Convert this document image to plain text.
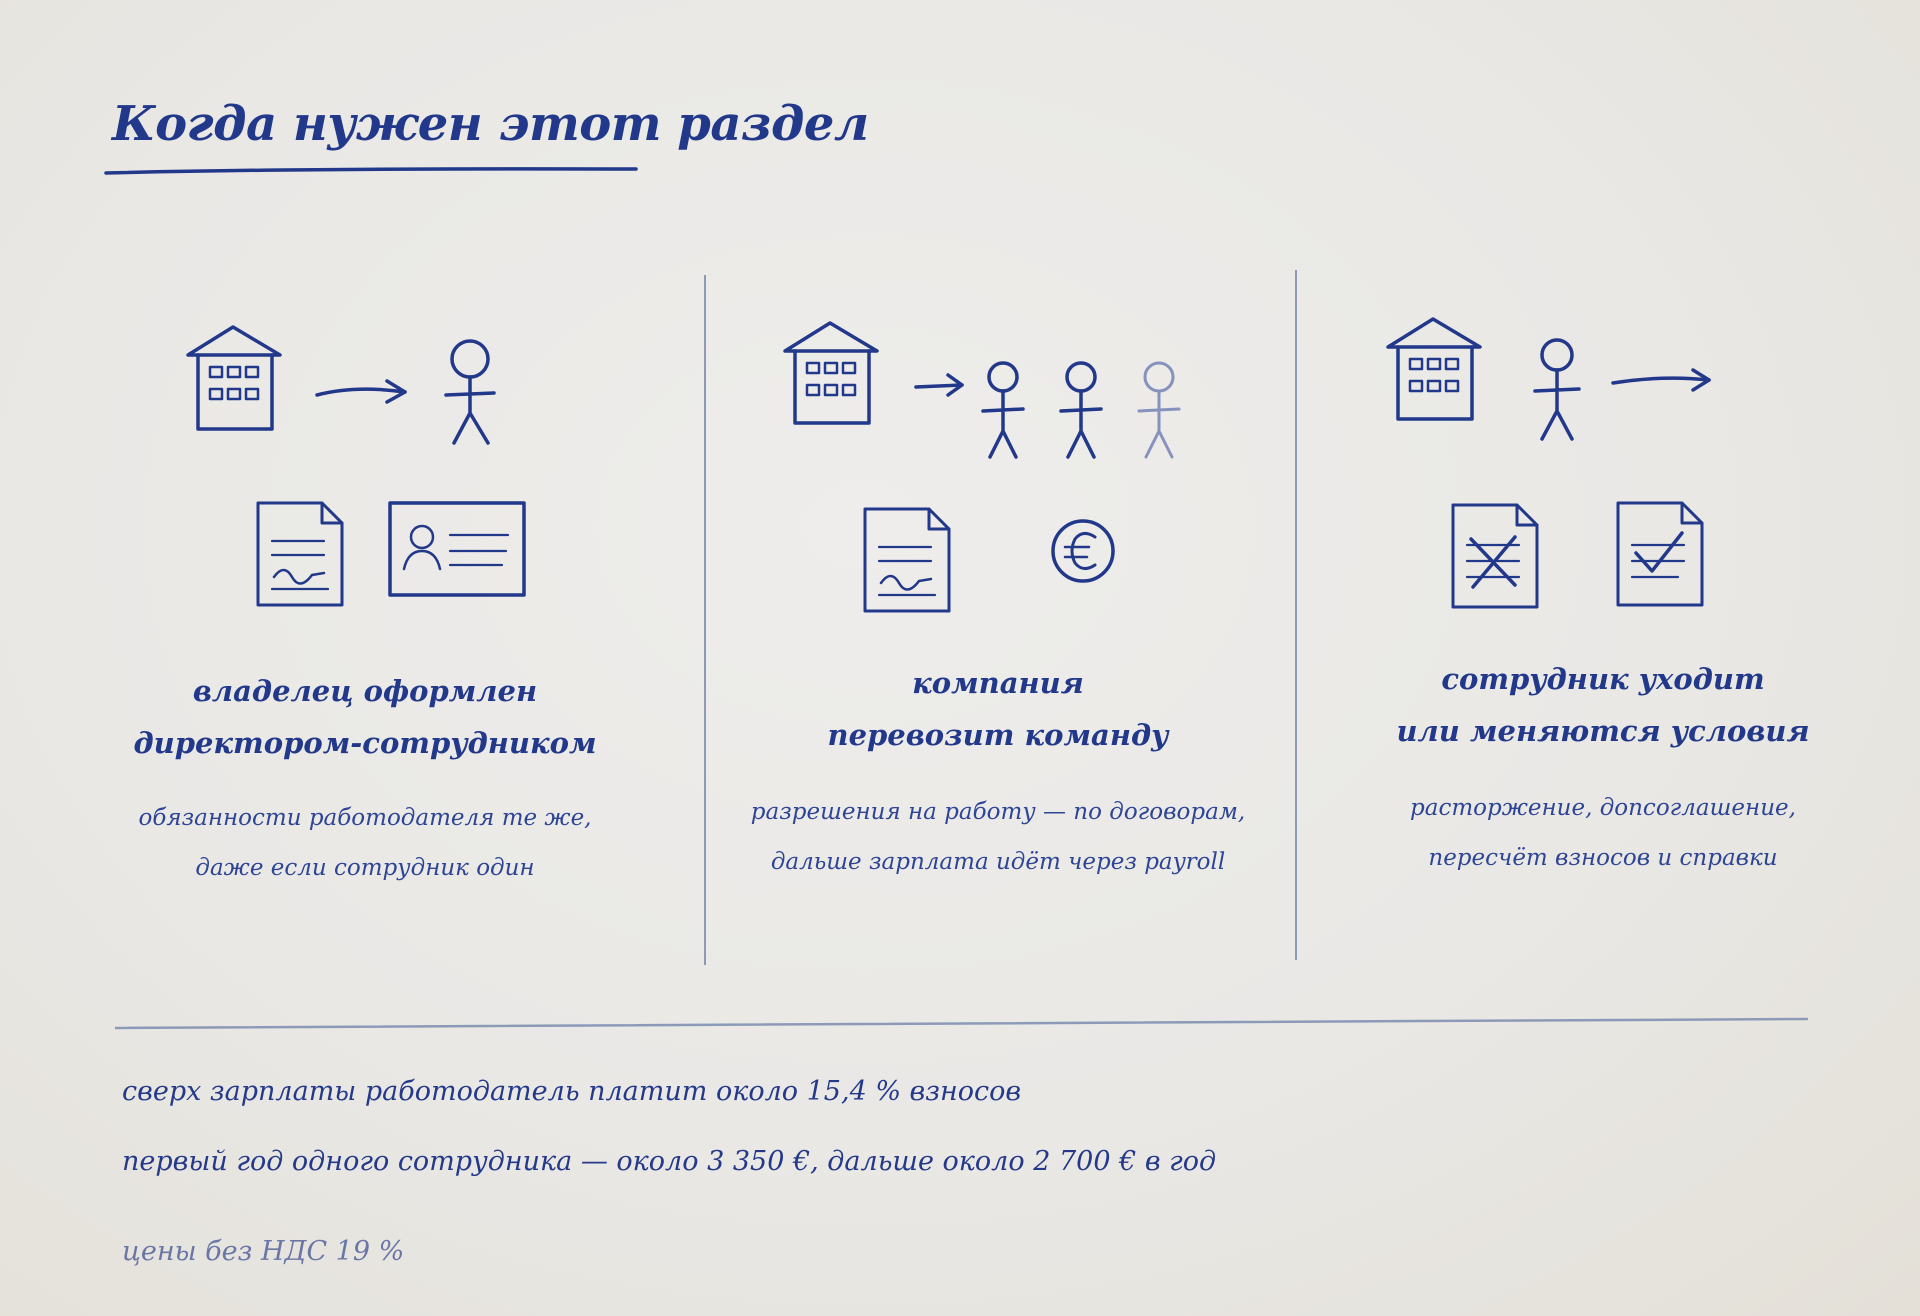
Когда нужен этот раздел
владелец оформлен
директором-сотрудником
обязанности работодателя те же,
даже если сотрудник один
компания
перевозит команду
разрешения на работу — по договорам,
дальше зарплата идёт через payroll
сотрудник уходит
или меняются условия
расторжение, допсоглашение,
пересчёт взносов и справки

сверх зарплаты работодатель платит около 15,4 % взносов

первый год одного сотрудника — около 3 350 €, дальше около 2 700 € в год

цены без НДС 19 %
